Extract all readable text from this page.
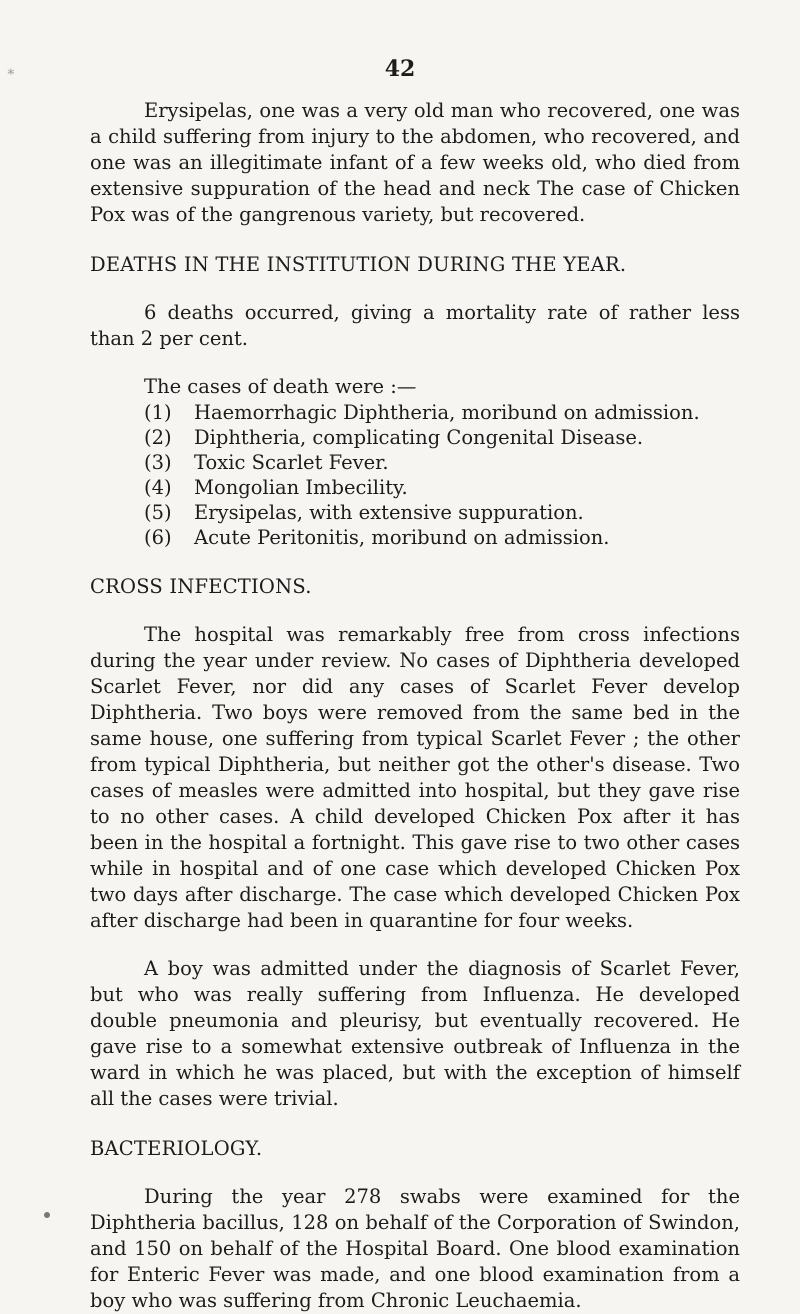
∗	42

Erysipelas, one was a very old man who recovered, one was a child suffering from injury to the abdomen, who recovered, and one was an illegitimate infant of a few weeks old, who died from extensive suppuration of the head and neck The case of Chicken Pox was of the gangrenous variety, but recovered.

DEATHS IN THE INSTITUTION DURING THE YEAR.

6 deaths occurred, giving a mortality rate of rather less than 2 per cent.

The cases of death were :—

(1)	Haemorrhagic Diphtheria, moribund on admission.
(2)	Diphtheria, complicating Congenital Disease.
(3)	Toxic Scarlet Fever.
(4)	Mongolian Imbecility.
(5)	Erysipelas, with extensive suppuration.
(6)	Acute Peritonitis, moribund on admission.
CROSS INFECTIONS.

The hospital was remarkably free from cross infections during the year under review. No cases of Diphtheria developed Scarlet Fever, nor did any cases of Scarlet Fever develop Diphtheria. Two boys were removed from the same bed in the same house, one suffering from typical Scarlet Fever ; the other from typical Diphtheria, but neither got the other's disease. Two cases of measles were admitted into hospital, but they gave rise to no other cases. A child developed Chicken Pox after it has been in the hospital a fortnight. This gave rise to two other cases while in hospital and of one case which developed Chicken Pox two days after discharge. The case which developed Chicken Pox after discharge had been in quarantine for four weeks.

A boy was admitted under the diagnosis of Scarlet Fever, but who was really suffering from Influenza. He developed double pneumonia and pleurisy, but eventually recovered. He gave rise to a somewhat extensive outbreak of Influenza in the ward in which he was placed, but with the exception of himself all the cases were trivial.

BACTERIOLOGY.

During the year 278 swabs were examined for the Diphtheria bacillus, 128 on behalf of the Corporation of Swindon, and 150 on behalf of the Hospital Board. One blood examination for Enteric Fever was made, and one blood examination from a boy who was suffering from Chronic Leuchaemia.
